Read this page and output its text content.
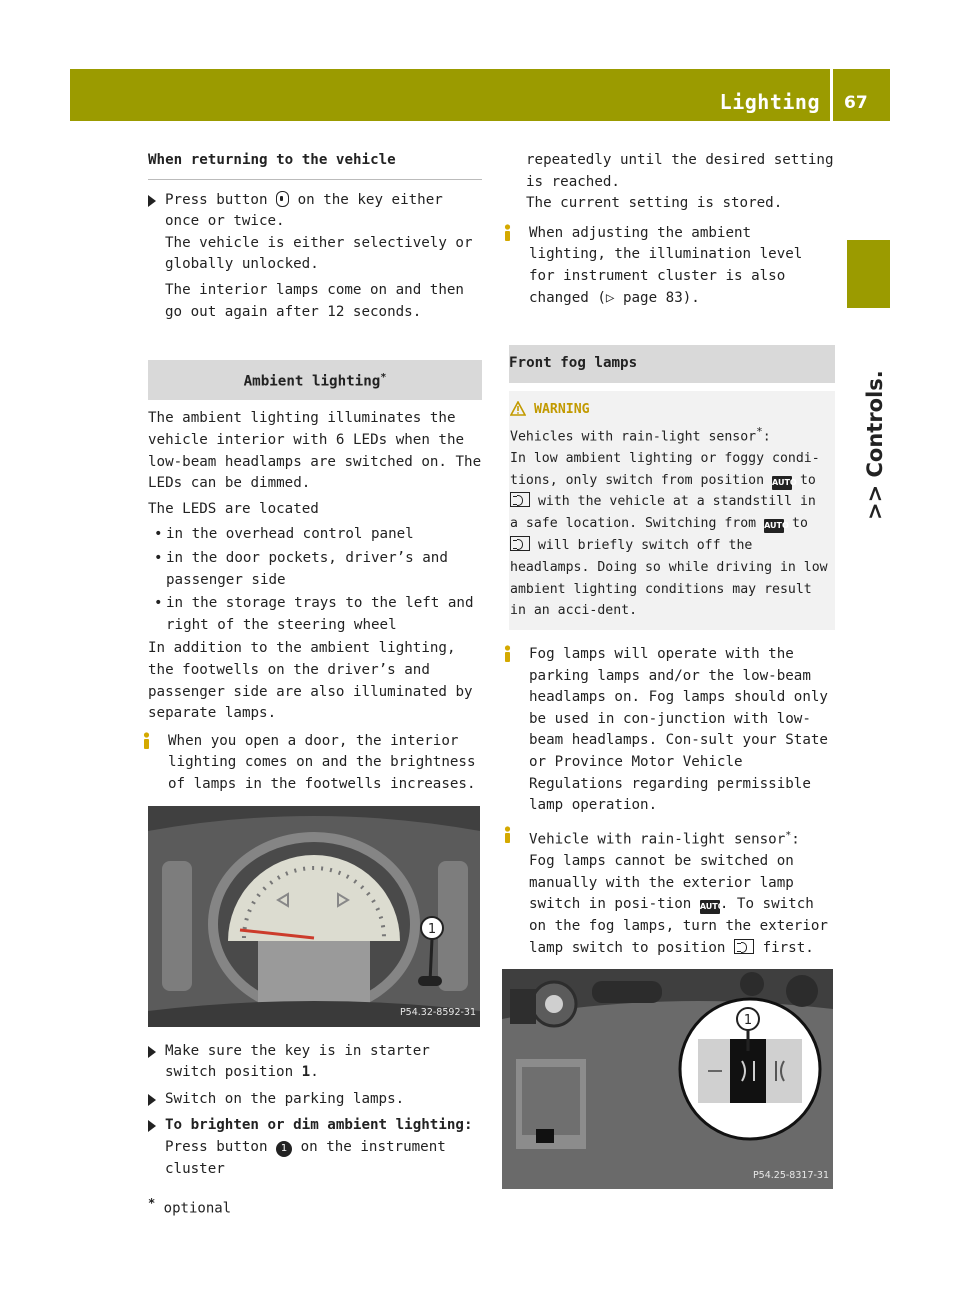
Lighting 67
>> Controls.
When returning to the vehicle
Press button on the key either once or twice.
The vehicle is either selectively or globally unlocked.
The interior lamps come on and then go out again after 12 seconds.
Ambient lighting*
The ambient lighting illuminates the vehicle interior with 6 LEDs when the low-beam headlamps are switched on. The LEDs can be dimmed.
The LEDS are located
• in the overhead control panel
• in the door pockets, driver’s and passenger side
• in the storage trays to the left and right of the steering wheel
In addition to the ambient lighting, the footwells on the driver’s and passenger side are also illuminated by separate lamps.
When you open a door, the interior lighting comes on and the brightness of lamps in the footwells increases.
1
P54.32-8592-31
Make sure the key is in starter switch position 1.
Switch on the parking lamps.
To brighten or dim ambient lighting:
Press button 1 on the instrument cluster
repeatedly until the desired setting is reached.
The current setting is stored.
When adjusting the ambient lighting, the illumination level for instrument cluster is also changed (▷ page 83).
Front fog lamps
WARNING
Vehicles with rain-light sensor*:
In low ambient lighting or foggy condi-tions, only switch from position AUTO to  with the vehicle at a standstill in a safe location. Switching from AUTO to  will briefly switch off the headlamps. Doing so while driving in low ambient lighting conditions may result in an acci-dent.
Fog lamps will operate with the parking lamps and/or the low-beam headlamps on. Fog lamps should only be used in con-junction with low-beam headlamps. Con-sult your State or Province Motor Vehicle Regulations regarding permissible lamp operation.
Vehicle with rain-light sensor*:
Fog lamps cannot be switched on manually with the exterior lamp switch in posi-tion AUTO. To switch on the fog lamps, turn the exterior lamp switch to position	first.
1
P54.25-8317-31
* optional
